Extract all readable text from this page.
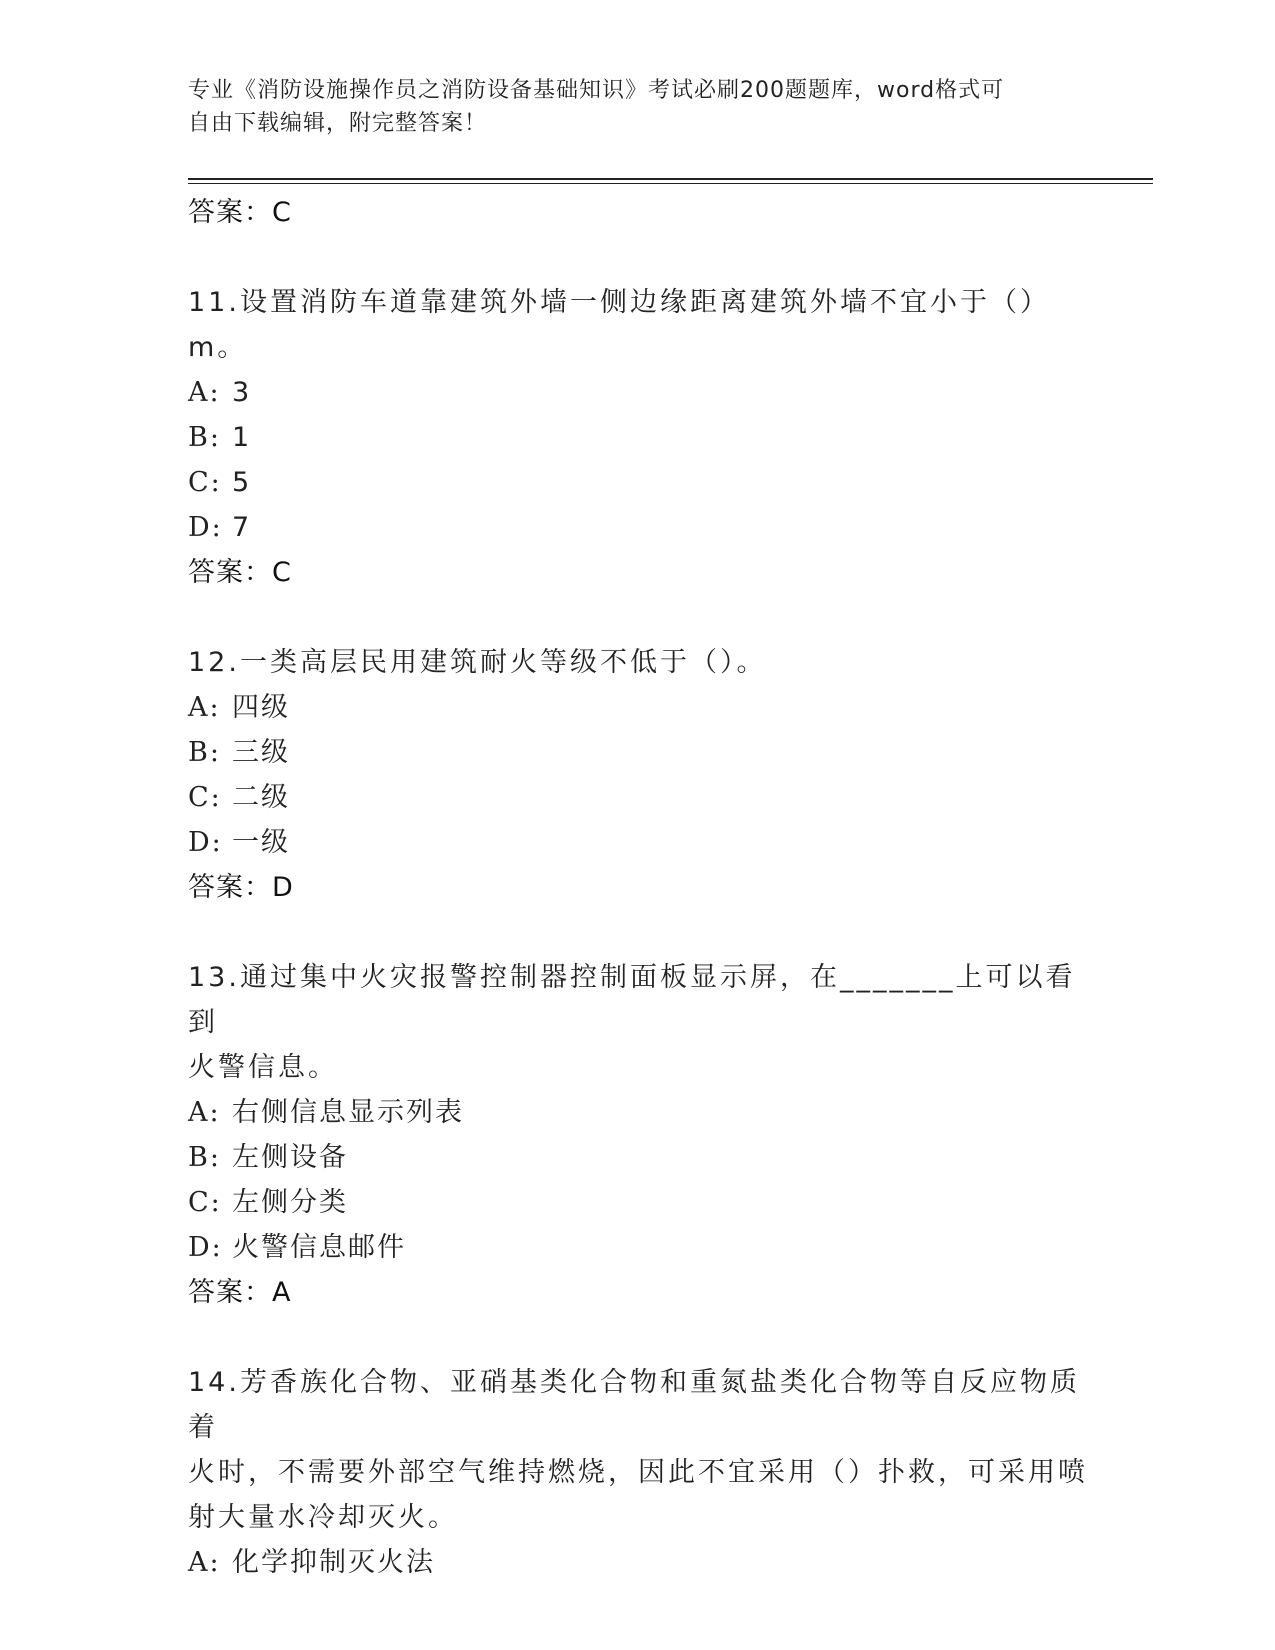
专业《消防设施操作员之消防设备基础知识》考试必刷200题题库，word格式可
自由下载编辑，附完整答案！
答案：C
11.设置消防车道靠建筑外墙一侧边缘距离建筑外墙不宜小于（）m。
A: 3
B: 1
C: 5
D: 7
答案：C
12.一类高层民用建筑耐火等级不低于（）。
A: 四级
B: 三级
C: 二级
D: 一级
答案：D
13.通过集中火灾报警控制器控制面板显示屏，在_______上可以看到
火警信息。
A: 右侧信息显示列表
B: 左侧设备
C: 左侧分类
D: 火警信息邮件
答案：A
14.芳香族化合物、亚硝基类化合物和重氮盐类化合物等自反应物质着
火时，不需要外部空气维持燃烧，因此不宜采用（）扑救，可采用喷
射大量水冷却灭火。
A: 化学抑制灭火法
